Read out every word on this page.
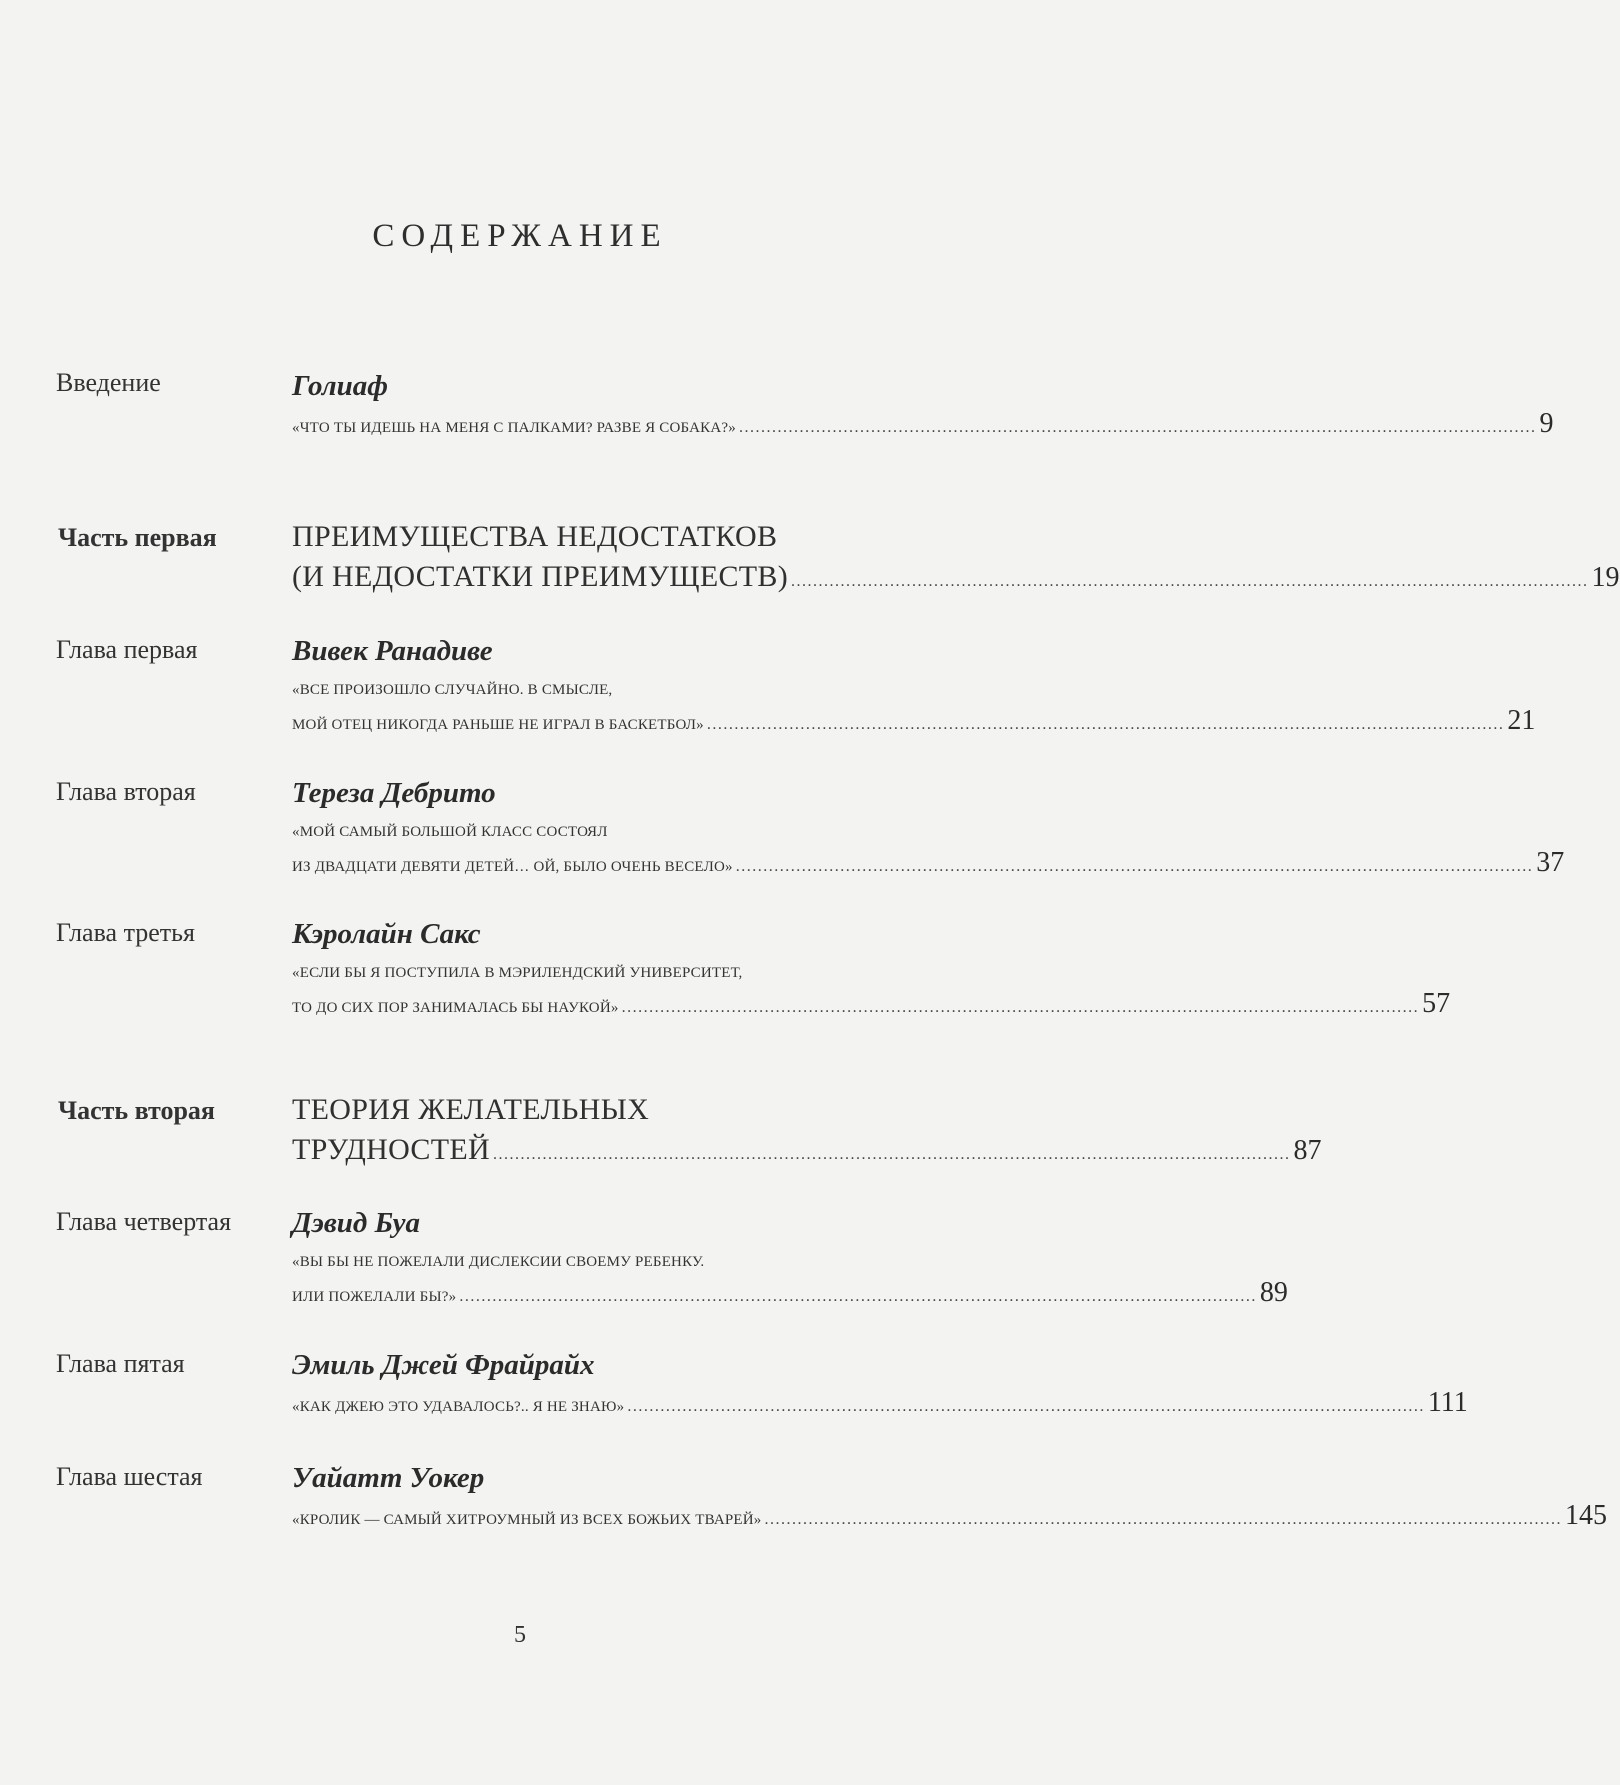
СОДЕРЖАНИЕ
Введение	Голиаф
«ЧТО ТЫ ИДЕШЬ НА МЕНЯ С ПАЛКАМИ? РАЗВЕ Я СОБАКА?» ................................................................................................................................................. 9
Часть первая	ПРЕИМУЩЕСТВА НЕДОСТАТКОВ
(И НЕДОСТАТКИ ПРЕИМУЩЕСТВ) ................................................................................................................................................. 19
Глава первая	Вивек Ранадиве
«ВСЕ ПРОИЗОШЛО СЛУЧАЙНО. В СМЫСЛЕ,
МОЙ ОТЕЦ НИКОГДА РАНЬШЕ НЕ ИГРАЛ В БАСКЕТБОЛ» ................................................................................................................................................. 21
Глава вторая	Тереза Дебрито
«МОЙ САМЫЙ БОЛЬШОЙ КЛАСС СОСТОЯЛ
ИЗ ДВАДЦАТИ ДЕВЯТИ ДЕТЕЙ… ОЙ, БЫЛО ОЧЕНЬ ВЕСЕЛО» ................................................................................................................................................. 37
Глава третья	Кэролайн Сакс
«ЕСЛИ БЫ Я ПОСТУПИЛА В МЭРИЛЕНДСКИЙ УНИВЕРСИТЕТ,
ТО ДО СИХ ПОР ЗАНИМАЛАСЬ БЫ НАУКОЙ» ................................................................................................................................................. 57
Часть вторая	ТЕОРИЯ ЖЕЛАТЕЛЬНЫХ
ТРУДНОСТЕЙ ................................................................................................................................................. 87
Глава четвертая Дэвид Буа
«ВЫ БЫ НЕ ПОЖЕЛАЛИ ДИСЛЕКСИИ СВОЕМУ РЕБЕНКУ.
ИЛИ ПОЖЕЛАЛИ БЫ?» ................................................................................................................................................. 89
Глава пятая	Эмиль Джей Фрайрайх
«КАК ДЖЕЮ ЭТО УДАВАЛОСЬ?.. Я НЕ ЗНАЮ» ................................................................................................................................................. 111
Глава шестая	Уайатт Уокер
«КРОЛИК — САМЫЙ ХИТРОУМНЫЙ ИЗ ВСЕХ БОЖЬИХ ТВАРЕЙ» ................................................................................................................................................. 145
5
